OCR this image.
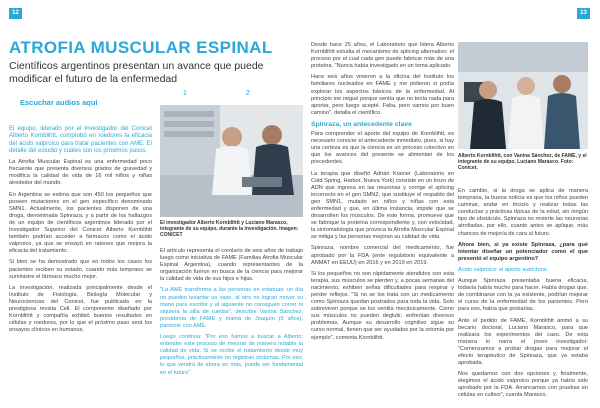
12	13
ATROFIA MUSCULAR ESPINAL
Científicos argentinos presentan un avance que puede modificar el futuro de la enfermedad
Escuchar audios aquí
1	2

El equipo, liderado por el Investigador del Conicet Alberto Kornblihtt, comprobó en roedores la eficacia del ácido valproico para tratar pacientes con AME. El detalle del estudio y cuáles son los próximos pasos.

La Atrofia Muscular Espinal es una enfermedad poco frecuente que presenta diversos grados de gravedad y modifica la calidad de vida de 16 mil niños y niñas alrededor del mundo.

En Argentina se estima que son 450 los pequeños que poseen mutaciones en el gen específico denominado SMN1. Actualmente, los pacientes disponen de una droga, denominada Spinraza, y a partir de los hallazgos de un equipo de científicos argentinos liderado por el Investigador Superior del Conicet Alberto Kornblihtt también podrían acceder a fármacos como el ácido valproico, ya que se ensayó en ratones que mejora la eficacia del tratamiento.

Si bien se ha demostrado que en todos los casos los pacientes reciben su estado, cuando más temprano se suministre el fármaco mucho mejor.

La investigación, realizada principalmente desde el Instituto de Fisiología, Biología Molecular y Neurociencias del Conicet, fue publicada en la prestigiosa revista Cell. El componente diseñado por Kornblihtt y compañía exhibió buenos resultados en células y roedores, por lo que el próximo paso será los ensayos clínicos en humanos.

El investigador Alberto Kornblihtt y Luciano Marasco, integrante de su equipo, durante la investigación. Imagen: CONICET

El artículo representa el corolario de seis años de trabajo luego como iniciativa de FAME (Familias Atrofia Muscular Espinal Argentina), cuando representantes de la organización fueron en busca de la ciencia para mejorar la calidad de vida de sus hijos e hijas.

"La AME transforma a las personas en estatuas: un día no pueden levantar un vaso, al otro no logran mover su mano para escribir y al siguiente no consiguen correr ni siquiera la silla de ruedas", describe Vanina Sánchez, presidenta de FAME y mamá de Joaquín (9 años), paciente con AME.

Luego continúa: "Por eso fuimos a buscar a Alberto: entender este proceso de mejorar de manera notable la calidad de vida. Si se recibe el tratamiento desde muy pequeños, prácticamente no registran síntomas. Por eso, lo que vendrá de ahora en más, puede ser fundamental en el futuro".

Desde hace 25 años, el Laboratorio que lidera Alberto Kornblihtt estudia el mecanismo de splicing alternativo: el proceso por el cual cada gen puede fabricar más de una proteína. "Nunca había investigado en un tema aplicado.

Hace seis años vinieron a la oficina del Instituto los familiares nucleados en FAME y me pidieron si podía explorar los aspectos básicos de la enfermedad. Al principio me negué porque sentía que no tenía nada para aportar, pero luego acepté. Falta, pero vamos por buen camino", detalla el científico.

Spinraza, un antecedente clave

Para comprender el aporte del equipo de Kornblihtt, es necesario conocer el antecedente inmediato, pues, si hay una certeza es que la ciencia es un proceso colectivo en que los avances del presente se alimentan de los precedentes.

La terapia que diseñó Adrián Krainer (Laboratorio en Cold Spring, Harbor, Nueva York) consiste en un trozo de ADN que ingresa en las neuronas y corrige el splicing incorrecto en el gen SMN2, que sustituye el respaldo del gen SMN1, mutado en niños y niñas con esta enfermedad y que, en última instancia, impide que se desarrollen los músculos. De este forma, promueve que se fabrique la proteína correspondiente y, con velocidad, la sintomatología que provoca la Atrofia Muscular Espinal se mitiga y las personas mejoran su calidad de vida.

Spinraza, nombre comercial del medicamento, fue aprobado por la FDA (ente regulatorio equivalente a ANMAT en EEUU) en 2016 y en 2019 en 2019.

Si los pequeños no son rápidamente atendidos con esta terapia, sus músculos se pierden y, a pocas semanas del nacimiento, exhiben señas dificultades para respirar y perder reflejos. "Si no se los trata con un medicamento como Spinraza quedan postrados para toda la vida. Solo sobreviven porque se los ventila mecánicamente. Como sus músculos no pueden deglutir, enfrentan diversos problemas. Aunque su desarrollo cognitivo sigue su curso normal, tienen que ser ayudados por la ortomía por ejemplo", comenta Kornblihtt.

Alberto Kornblihtt, con Vanina Sánchez, de FAME, y el integrante de su equipo, Luciano Marasco. Foto: Conicet.

En cambio, si la droga se aplica de manera temprana, la buena noticia es que los niños pueden caminar, andar en triciclo y realizar todas las conductas y prácticas típicas de la edad, sin ningún tipo de obstáculo. Spinraza no revierte las neuronas atrofiadas, por ello, cuanto antes se aplique, más chances de mejoría de cara al futuro.

Ahora bien, si ya existe Spinraza, ¿para qué intentar diseñar un potenciador como el que presentó el equipo argentino?

Ácido valproico: el aporte autóctono

Aunque Spinraza presentaba buena eficacia, todavía había mucho para hacer. Había drogas que, de combinarse con la ya existente, podrían mejorar el curso de la enfermedad de los pacientes. Pero para eso, había que probarlas.

Ante el pedido de FAME, Kornblihtt animó a su becario doctoral, Luciano Marasco, para que realizara los experimentos del caso. De esta manera lo narra el joven investigador: "Comenzamos a probar drogas para mejorar el efecto terapéutico de Spinraza, que ya estaba aprobada.

Nos quedamos con dos opciones y, finalmente, elegimos el ácido valproico porque ya había sido aprobado por la FDA. Arrancamos con pruebas en células en cultivo", cuenta Marasco.
